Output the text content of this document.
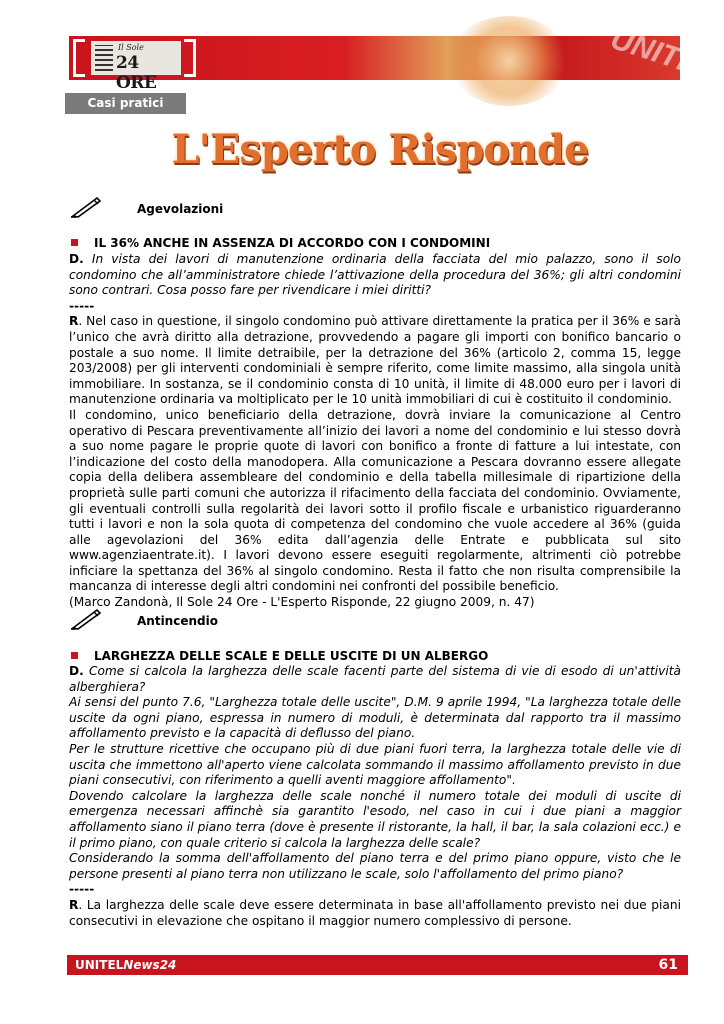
Il Sole
24 ORE	UNITEL
Casi pratici
L'Esperto Risponde
Agevolazioni
IL 36% ANCHE IN ASSENZA DI ACCORDO CON I CONDOMINI

D. In vista dei lavori di manutenzione ordinaria della facciata del mio palazzo, sono il solo condomino che all’amministratore chiede l’attivazione della procedura del 36%; gli altri condomini sono contrari. Cosa posso fare per rivendicare i miei diritti?

-----

R. Nel caso in questione, il singolo condomino può attivare direttamente la pratica per il 36% e sarà l’unico che avrà diritto alla detrazione, provvedendo a pagare gli importi con bonifico bancario o postale a suo nome. Il limite detraibile, per la detrazione del 36% (articolo 2, comma 15, legge 203/2008) per gli interventi condominiali è sempre riferito, come limite massimo, alla singola unità immobiliare. In sostanza, se il condominio consta di 10 unità, il limite di 48.000 euro per i lavori di manutenzione ordinaria va moltiplicato per le 10 unità immobiliari di cui è costituito il condominio.

Il condomino, unico beneficiario della detrazione, dovrà inviare la comunicazione al Centro operativo di Pescara preventivamente all’inizio dei lavori a nome del condominio e lui stesso dovrà a suo nome pagare le proprie quote di lavori con bonifico a fronte di fatture a lui intestate, con l’indicazione del costo della manodopera. Alla comunicazione a Pescara dovranno essere allegate copia della delibera assembleare del condominio e della tabella millesimale di ripartizione della proprietà sulle parti comuni che autorizza il rifacimento della facciata del condominio. Ovviamente, gli eventuali controlli sulla regolarità dei lavori sotto il profilo fiscale e urbanistico riguarderanno tutti i lavori e non la sola quota di competenza del condomino che vuole accedere al 36% (guida alle agevolazioni del 36% edita dall’agenzia delle Entrate e pubblicata sul sito www.agenziaentrate.it). I lavori devono essere eseguiti regolarmente, altrimenti ciò potrebbe inficiare la spettanza del 36% al singolo condomino. Resta il fatto che non risulta comprensibile la mancanza di interesse degli altri condomini nei confronti del possibile beneficio.

(Marco Zandonà, Il Sole 24 Ore - L'Esperto Risponde, 22 giugno 2009, n. 47)

Antincendio
LARGHEZZA DELLE SCALE E DELLE USCITE DI UN ALBERGO

D. Come si calcola la larghezza delle scale facenti parte del sistema di vie di esodo di un'attività alberghiera?

Ai sensi del punto 7.6, "Larghezza totale delle uscite", D.M. 9 aprile 1994, "La larghezza totale delle uscite da ogni piano, espressa in numero di moduli, è determinata dal rapporto tra il massimo affollamento previsto e la capacità di deflusso del piano.

Per le strutture ricettive che occupano più di due piani fuori terra, la larghezza totale delle vie di uscita che immettono all'aperto viene calcolata sommando il massimo affollamento previsto in due piani consecutivi, con riferimento a quelli aventi maggiore affollamento".

Dovendo calcolare la larghezza delle scale nonché il numero totale dei moduli di uscite di emergenza necessari affinchè sia garantito l'esodo, nel caso in cui i due piani a maggior affollamento siano il piano terra (dove è presente il ristorante, la hall, il bar, la sala colazioni ecc.) e il primo piano, con quale criterio si calcola la larghezza delle scale?

Considerando la somma dell'affollamento del piano terra e del primo piano oppure, visto che le persone presenti al piano terra non utilizzano le scale, solo l'affollamento del primo piano?

-----

R. La larghezza delle scale deve essere determinata in base all'affollamento previsto nei due piani consecutivi in elevazione che ospitano il maggior numero complessivo di persone.

UNITELNews24	61
